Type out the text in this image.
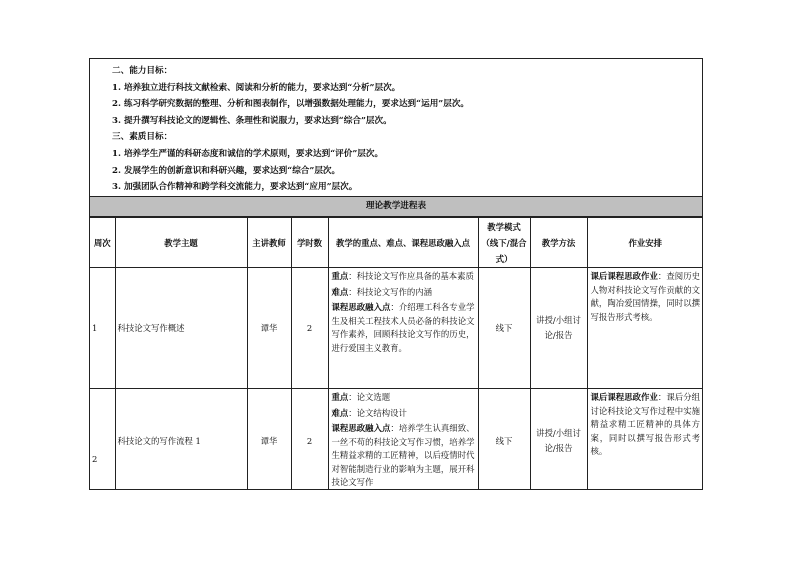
二、能力目标：
1. 培养独立进行科技文献检索、阅读和分析的能力，要求达到“分析”层次。
2. 练习科学研究数据的整理、分析和图表制作，以增强数据处理能力，要求达到“运用”层次。
3. 提升撰写科技论文的逻辑性、条理性和说服力，要求达到“综合”层次。
三、素质目标：
1. 培养学生严谨的科研态度和诚信的学术原则，要求达到“评价”层次。
2. 发展学生的创新意识和科研兴趣，要求达到“综合”层次。
3. 加强团队合作精神和跨学科交流能力，要求达到“应用”层次。
理论教学进程表
周次	教学主题	主讲教师	学时数	教学的重点、难点、课程思政融入点	教学模式（线下/混合式）	教学方法	作业安排
1	科技论文写作概述	谭华	2	重点：科技论文写作应具备的基本素质

难点：科技论文写作的内涵

课程思政融入点：介绍理工科各专业学生及相关工程技术人员必备的科技论文写作素养，回顾科技论文写作的历史，进行爱国主义教育。	线下	讲授/小组讨论/报告	课后课程思政作业：查阅历史人物对科技论文写作贡献的文献，陶冶爱国情操，同时以撰写报告形式考核。
2	科技论文的写作流程 1	谭华	2	重点：论文选题

难点：论文结构设计

课程思政融入点：培养学生认真细致、一丝不苟的科技论文写作习惯，培养学生精益求精的工匠精神，以后疫情时代对智能制造行业的影响为主题，展开科技论文写作	线下	讲授/小组讨论/报告	课后课程思政作业：课后分组讨论科技论文写作过程中实施精益求精工匠精神的具体方案，同时以撰写报告形式考核。
